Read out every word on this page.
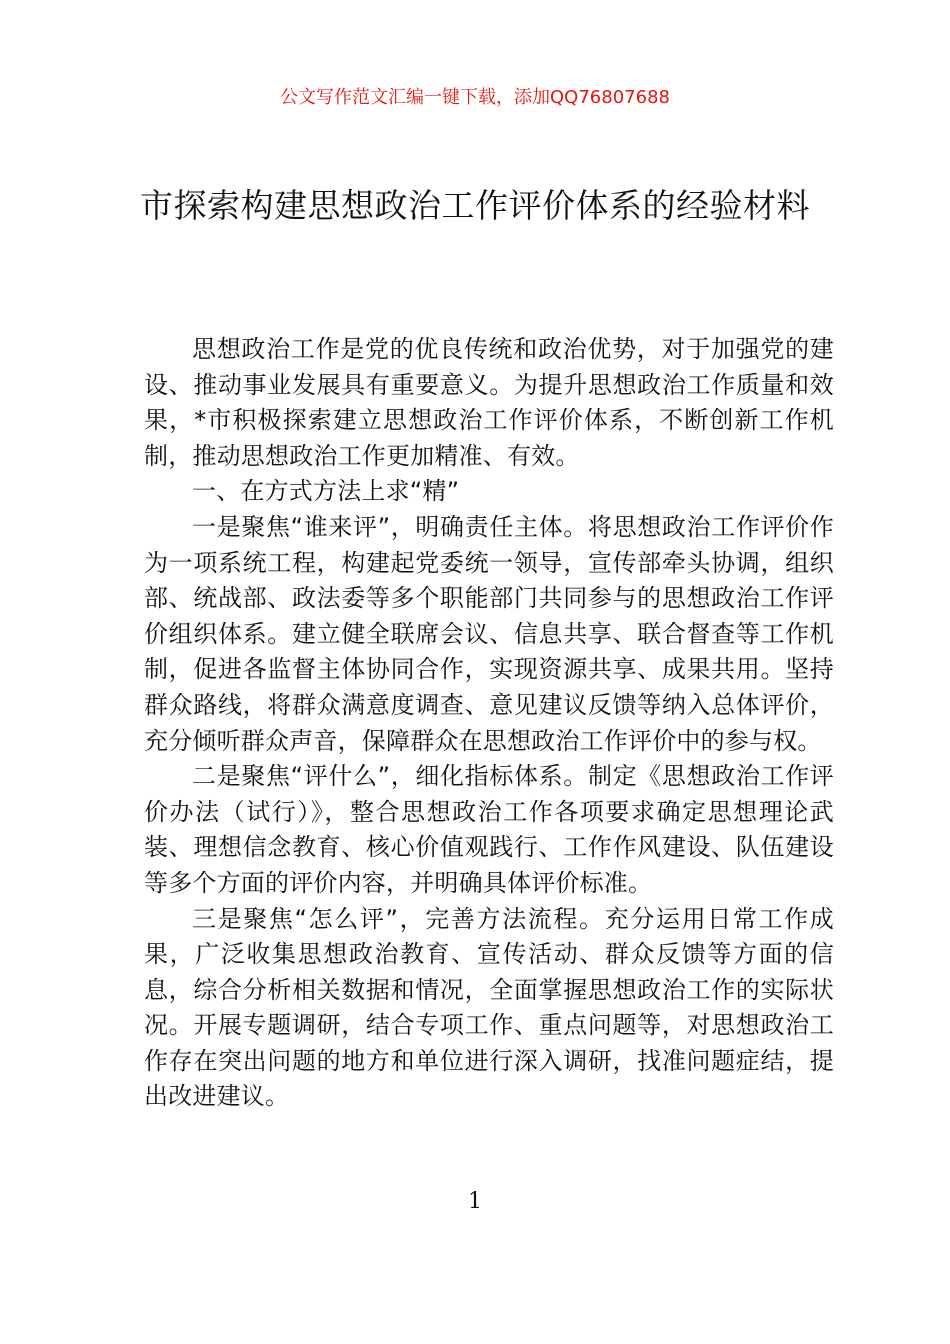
公文写作范文汇编一键下载，添加QQ76807688
市探索构建思想政治工作评价体系的经验材料

思想政治工作是党的优良传统和政治优势，对于加强党的建设、推动事业发展具有重要意义。为提升思想政治工作质量和效果，*市积极探索建立思想政治工作评价体系，不断创新工作机制，推动思想政治工作更加精准、有效。

一、在方式方法上求“精”

一是聚焦“谁来评”，明确责任主体。将思想政治工作评价作为一项系统工程，构建起党委统一领导，宣传部牵头协调，组织部、统战部、政法委等多个职能部门共同参与的思想政治工作评价组织体系。建立健全联席会议、信息共享、联合督查等工作机制，促进各监督主体协同合作，实现资源共享、成果共用。坚持群众路线，将群众满意度调查、意见建议反馈等纳入总体评价，充分倾听群众声音，保障群众在思想政治工作评价中的参与权。

二是聚焦“评什么”，细化指标体系。制定《思想政治工作评价办法（试行）》，整合思想政治工作各项要求确定思想理论武装、理想信念教育、核心价值观践行、工作作风建设、队伍建设等多个方面的评价内容，并明确具体评价标准。

三是聚焦“怎么评”，完善方法流程。充分运用日常工作成果，广泛收集思想政治教育、宣传活动、群众反馈等方面的信息，综合分析相关数据和情况，全面掌握思想政治工作的实际状况。开展专题调研，结合专项工作、重点问题等，对思想政治工作存在突出问题的地方和单位进行深入调研，找准问题症结，提出改进建议。

1
